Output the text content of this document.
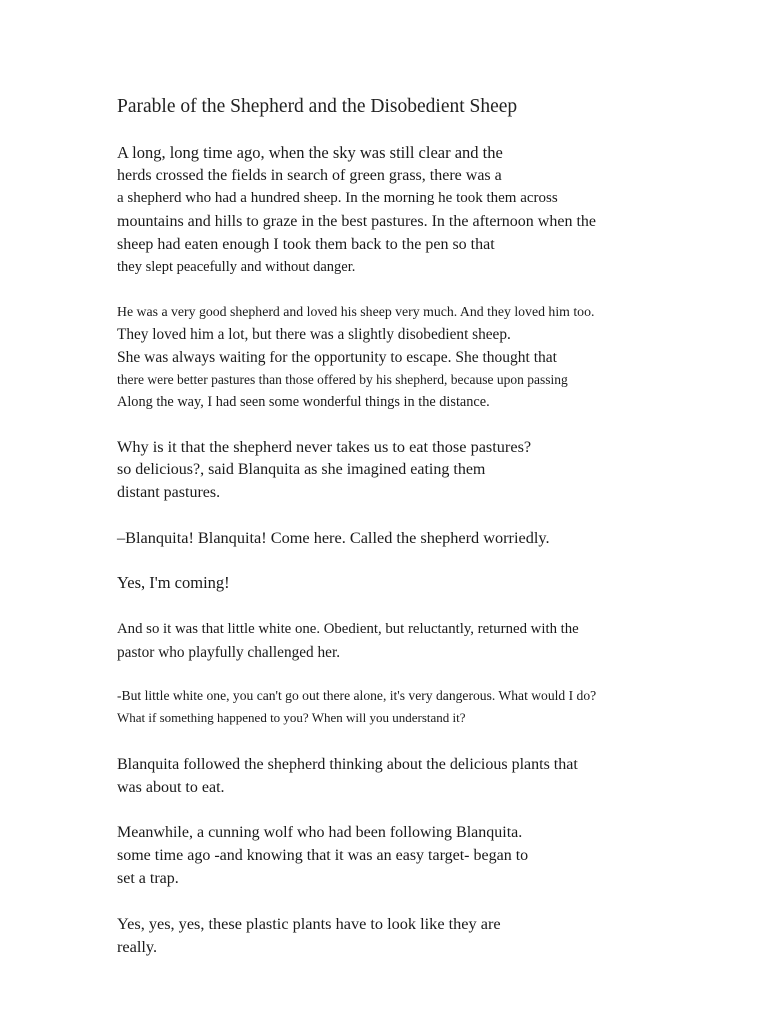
Parable of the Shepherd and the Disobedient Sheep
A long, long time ago, when the sky was still clear and the
herds crossed the fields in search of green grass, there was a
a shepherd who had a hundred sheep. In the morning he took them across
mountains and hills to graze in the best pastures. In the afternoon when the
sheep had eaten enough I took them back to the pen so that
they slept peacefully and without danger.
He was a very good shepherd and loved his sheep very much. And they loved him too.
They loved him a lot, but there was a slightly disobedient sheep.
She was always waiting for the opportunity to escape. She thought that
there were better pastures than those offered by his shepherd, because upon passing
Along the way, I had seen some wonderful things in the distance.
Why is it that the shepherd never takes us to eat those pastures?
so delicious?, said Blanquita as she imagined eating them
distant pastures.
–Blanquita! Blanquita! Come here. Called the shepherd worriedly.
Yes, I'm coming!
And so it was that little white one. Obedient, but reluctantly, returned with the
pastor who playfully challenged her.
-But little white one, you can't go out there alone, it's very dangerous. What would I do?
What if something happened to you? When will you understand it?
Blanquita followed the shepherd thinking about the delicious plants that
was about to eat.
Meanwhile, a cunning wolf who had been following Blanquita.
some time ago -and knowing that it was an easy target- began to
set a trap.
Yes, yes, yes, these plastic plants have to look like they are
really.
